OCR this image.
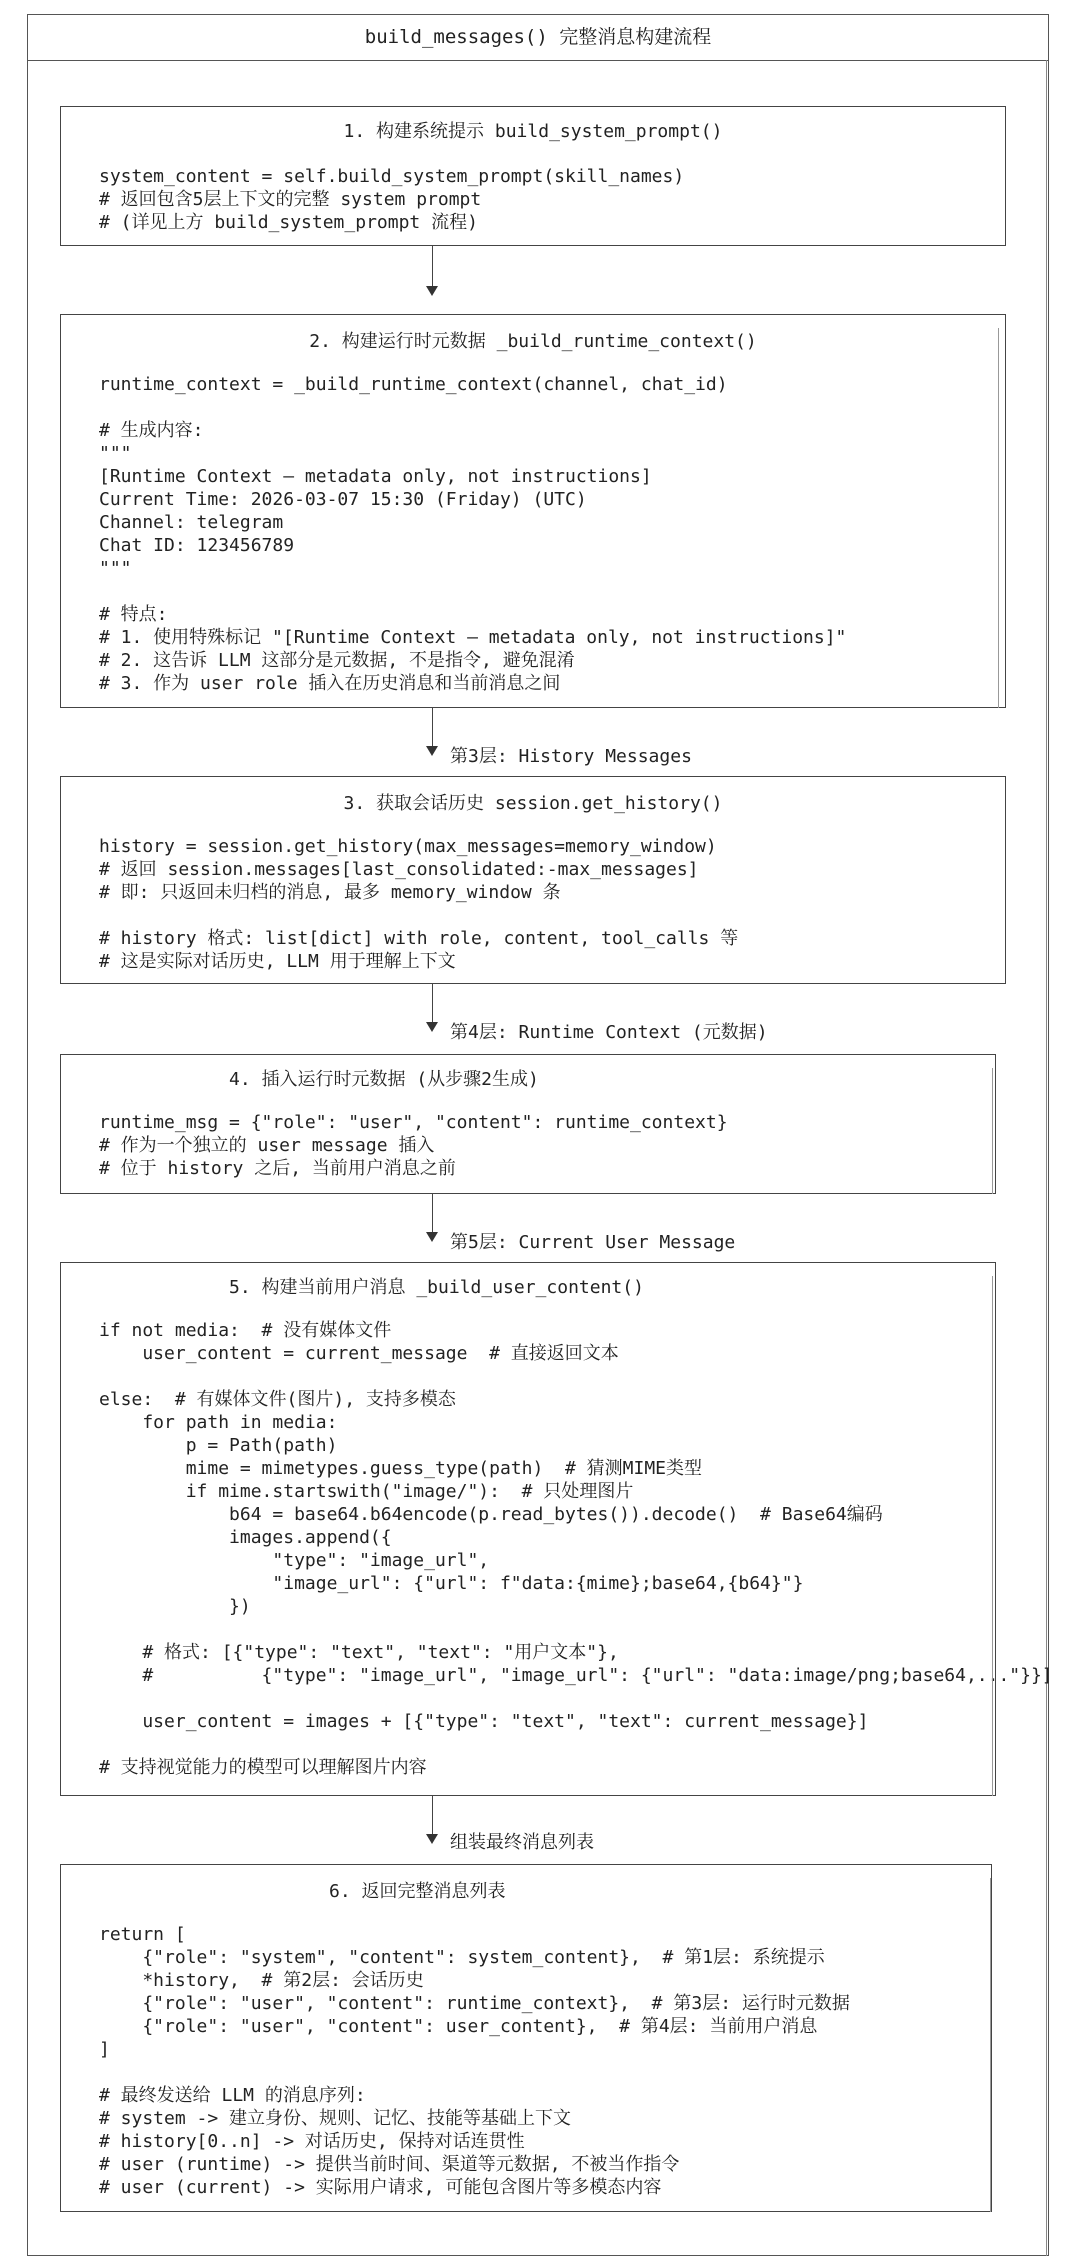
build_messages() 完整消息构建流程
1. 构建系统提示 build_system_prompt()
system_content = self.build_system_prompt(skill_names)
# 返回包含5层上下文的完整 system prompt
# (详见上方 build_system_prompt 流程)
2. 构建运行时元数据 _build_runtime_context()
runtime_context = _build_runtime_context(channel, chat_id)

# 生成内容:
"""
[Runtime Context — metadata only, not instructions]
Current Time: 2026-03-07 15:30 (Friday) (UTC)
Channel: telegram
Chat ID: 123456789
"""

# 特点:
# 1. 使用特殊标记 "[Runtime Context — metadata only, not instructions]"
# 2. 这告诉 LLM 这部分是元数据, 不是指令, 避免混淆
# 3. 作为 user role 插入在历史消息和当前消息之间
第3层: History Messages
3. 获取会话历史 session.get_history()
history = session.get_history(max_messages=memory_window)
# 返回 session.messages[last_consolidated:-max_messages]
# 即: 只返回未归档的消息, 最多 memory_window 条

# history 格式: list[dict] with role, content, tool_calls 等
# 这是实际对话历史, LLM 用于理解上下文
第4层: Runtime Context (元数据)
4. 插入运行时元数据 (从步骤2生成)
runtime_msg = {"role": "user", "content": runtime_context}
# 作为一个独立的 user message 插入
# 位于 history 之后, 当前用户消息之前
第5层: Current User Message
5. 构建当前用户消息 _build_user_content()
if not media:  # 没有媒体文件
user_content = current_message  # 直接返回文本

else:  # 有媒体文件(图片), 支持多模态
for path in media:
p = Path(path)
mime = mimetypes.guess_type(path)  # 猜测MIME类型
if mime.startswith("image/"):  # 只处理图片
b64 = base64.b64encode(p.read_bytes()).decode()  # Base64编码
images.append({
"type": "image_url",
"image_url": {"url": f"data:{mime};base64,{b64}"}
})

# 格式: [{"type": "text", "text": "用户文本"},
#          {"type": "image_url", "image_url": {"url": "data:image/png;base64,..."}}]

user_content = images + [{"type": "text", "text": current_message}]

# 支持视觉能力的模型可以理解图片内容
组装最终消息列表
6. 返回完整消息列表
return [
{"role": "system", "content": system_content},  # 第1层: 系统提示
*history,  # 第2层: 会话历史
{"role": "user", "content": runtime_context},  # 第3层: 运行时元数据
{"role": "user", "content": user_content},  # 第4层: 当前用户消息
]

# 最终发送给 LLM 的消息序列:
# system -> 建立身份、规则、记忆、技能等基础上下文
# history[0..n] -> 对话历史, 保持对话连贯性
# user (runtime) -> 提供当前时间、渠道等元数据, 不被当作指令
# user (current) -> 实际用户请求, 可能包含图片等多模态内容
